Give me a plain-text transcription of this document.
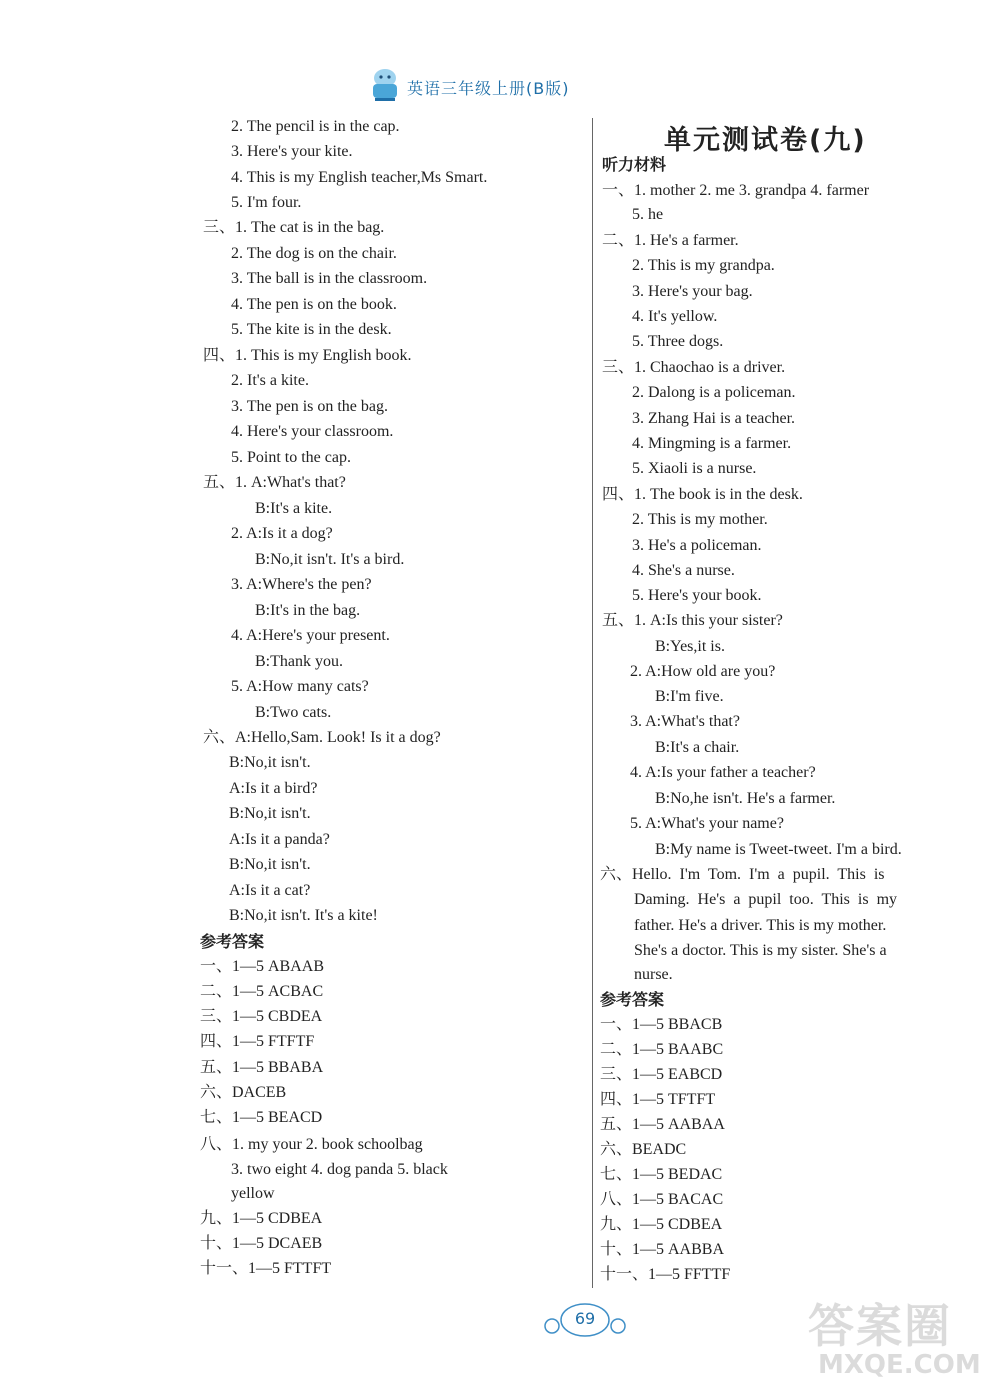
英语三年级上册(B版)
2. The pencil is in the cap.
3. Here's your kite.
4. This is my English teacher,Ms Smart.
5. I'm four.
三、1. The cat is in the bag.
2. The dog is on the chair.
3. The ball is in the classroom.
4. The pen is on the book.
5. The kite is in the desk.
四、1. This is my English book.
2. It's a kite.
3. The pen is on the bag.
4. Here's your classroom.
5. Point to the cap.
五、1. A:What's that?
B:It's a kite.
2. A:Is it a dog?
B:No,it isn't. It's a bird.
3. A:Where's the pen?
B:It's in the bag.
4. A:Here's your present.
B:Thank you.
5. A:How many cats?
B:Two cats.
六、A:Hello,Sam. Look! Is it a dog?
B:No,it isn't.
A:Is it a bird?
B:No,it isn't.
A:Is it a panda?
B:No,it isn't.
A:Is it a cat?
B:No,it isn't. It's a kite!
参考答案
一、1—5 ABAAB
二、1—5 ACBAC
三、1—5 CBDEA
四、1—5 FTFTF
五、1—5 BBABA
六、DACEB
七、1—5 BEACD
八、1. my your 2. book schoolbag
3. two eight 4. dog panda 5. black
yellow
九、1—5 CDBEA
十、1—5 DCAEB
十一、1—5 FTTFT
单元测试卷(九)
听力材料
一、1. mother 2. me 3. grandpa 4. farmer
5. he
二、1. He's a farmer.
2. This is my grandpa.
3. Here's your bag.
4. It's yellow.
5. Three dogs.
三、1. Chaochao is a driver.
2. Dalong is a policeman.
3. Zhang Hai is a teacher.
4. Mingming is a farmer.
5. Xiaoli is a nurse.
四、1. The book is in the desk.
2. This is my mother.
3. He's a policeman.
4. She's a nurse.
5. Here's your book.
五、1. A:Is this your sister?
B:Yes,it is.
2. A:How old are you?
B:I'm five.
3. A:What's that?
B:It's a chair.
4. A:Is your father a teacher?
B:No,he isn't. He's a farmer.
5. A:What's your name?
B:My name is Tweet-tweet. I'm a bird.
六、Hello.  I'm  Tom.  I'm  a  pupil.  This  is
Daming.  He's  a  pupil  too.  This  is  my
father. He's a driver. This is my mother.
She's a doctor. This is my sister. She's a
nurse.
参考答案
一、1—5 BBACB
二、1—5 BAABC
三、1—5 EABCD
四、1—5 TFTFT
五、1—5 AABAA
六、BEADC
七、1—5 BEDAC
八、1—5 BACAC
九、1—5 CDBEA
十、1—5 AABBA
十一、1—5 FFTTF
69	答案圈
MXQE.COM
